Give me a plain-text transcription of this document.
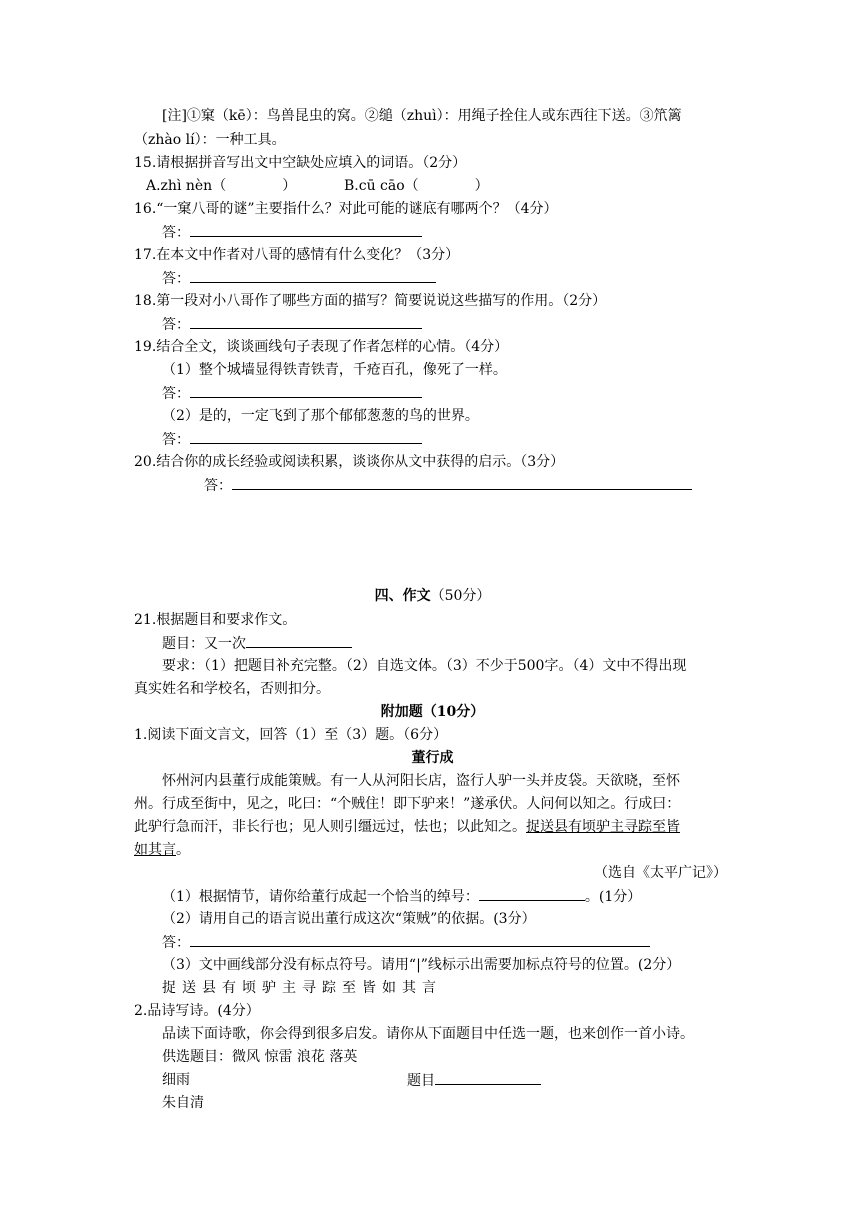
[注]①窠（kē）：鸟兽昆虫的窝。②缒（zhuì）：用绳子拴住人或东西往下送。③笊篱
（zhào lí）：一种工具。
15.请根据拼音写出文中空缺处应填入的词语。（2分）
A.zhì nèn（　　　　）	B.cū cāo（　　　　）
16.“一窠八哥的谜”主要指什么？对此可能的谜底有哪两个？（4分）
答：
17.在本文中作者对八哥的感情有什么变化？（3分）
答：
18.第一段对小八哥作了哪些方面的描写？简要说说这些描写的作用。（2分）
答：
19.结合全文，谈谈画线句子表现了作者怎样的心情。（4分）
（1）整个城墙显得铁青铁青，千疮百孔，像死了一样。
答：
（2）是的，一定飞到了那个郁郁葱葱的鸟的世界。
答：
20.结合你的成长经验或阅读积累，谈谈你从文中获得的启示。（3分）
答：
四、作文（50分）
21.根据题目和要求作文。
题目：又一次
要求：（1）把题目补充完整。（2）自选文体。（3）不少于500字。（4）文中不得出现
真实姓名和学校名，否则扣分。
附加题（10分）
1.阅读下面文言文，回答（1）至（3）题。（6分）
董行成
怀州河内县董行成能策贼。有一人从河阳长店，盗行人驴一头并皮袋。天欲晓，至怀
州。行成至街中，见之，叱曰：“个贼住！即下驴来！”遂承伏。人问何以知之。行成曰：
此驴行急而汗，非长行也；见人则引缰远过，怯也；以此知之。捉送县有顷驴主寻踪至皆
如其言。
（选自《太平广记》）
（1）根据情节，请你给董行成起一个恰当的绰号：	。(1分）
（2）请用自己的语言说出董行成这次“策贼”的依据。(3分）
答：
（3）文中画线部分没有标点符号。请用“|”线标示出需要加标点符号的位置。(2分）
捉送县有顷驴主寻踪至皆如其言
2.品诗写诗。(4分）
品读下面诗歌，你会得到很多启发。请你从下面题目中任选一题，也来创作一首小诗。
供选题目：微风 惊雷 浪花 落英
细雨	题目
朱自清
